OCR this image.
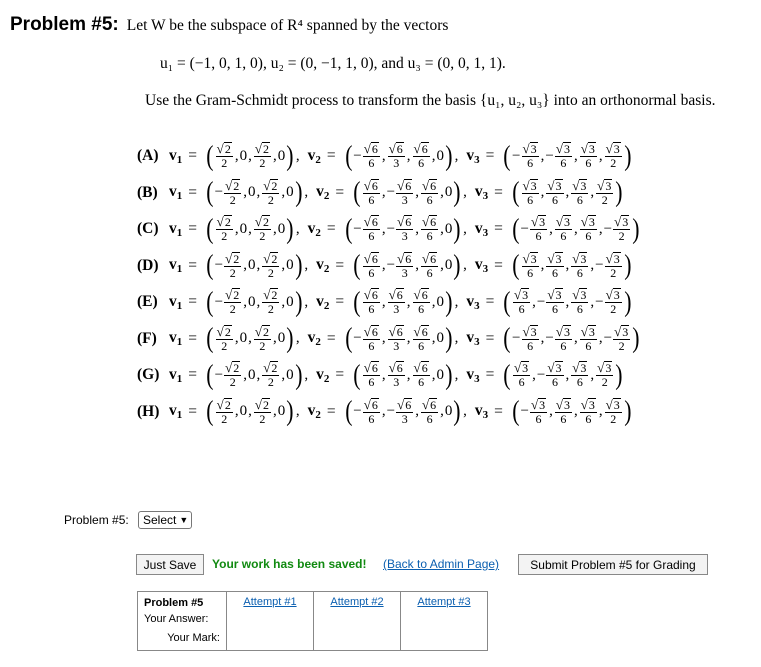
Problem #5: Let W be the subspace of R⁴ spanned by the vectors
u₁ = (−1, 0, 1, 0), u₂ = (0, −1, 1, 0), and u₃ = (0, 0, 1, 1).
Use the Gram-Schmidt process to transform the basis {u₁, u₂, u₃} into an orthonormal basis.
(A) $v_1$ = ( $\frac{√ 2}{2}$ , 0 , $\frac{√ 2}{2}$ , 0 ) , $v_2$ = ( − $\frac{√ 6}{6}$ , $\frac{√ 6}{3}$ , $\frac{√ 6}{6}$ , 0 ) , $v_3$ = ( − $\frac{√ 3}{6}$ , − $\frac{√ 3}{6}$ , $\frac{√ 3}{6}$ , $\frac{√ 3}{2}$ )
(B) $v_1$ = ( − $\frac{√ 2}{2}$ , 0 , $\frac{√ 2}{2}$ , 0 ) , $v_2$ = ( $\frac{√ 6}{6}$ , − $\frac{√ 6}{3}$ , $\frac{√ 6}{6}$ , 0 ) , $v_3$ = ( $\frac{√ 3}{6}$ , $\frac{√ 3}{6}$ , $\frac{√ 3}{6}$ , $\frac{√ 3}{2}$ )
(C) $v_1$ = ( $\frac{√ 2}{2}$ , 0 , $\frac{√ 2}{2}$ , 0 ) , $v_2$ = ( − $\frac{√ 6}{6}$ , − $\frac{√ 6}{3}$ , $\frac{√ 6}{6}$ , 0 ) , $v_3$ = ( − $\frac{√ 3}{6}$ , $\frac{√ 3}{6}$ , $\frac{√ 3}{6}$ , − $\frac{√ 3}{2}$ )
(D) $v_1$ = ( − $\frac{√ 2}{2}$ , 0 , $\frac{√ 2}{2}$ , 0 ) , $v_2$ = ( $\frac{√ 6}{6}$ , − $\frac{√ 6}{3}$ , $\frac{√ 6}{6}$ , 0 ) , $v_3$ = ( $\frac{√ 3}{6}$ , $\frac{√ 3}{6}$ , $\frac{√ 3}{6}$ , − $\frac{√ 3}{2}$ )
(E) $v_1$ = ( − $\frac{√ 2}{2}$ , 0 , $\frac{√ 2}{2}$ , 0 ) , $v_2$ = ( $\frac{√ 6}{6}$ , $\frac{√ 6}{3}$ , $\frac{√ 6}{6}$ , 0 ) , $v_3$ = ( $\frac{√ 3}{6}$ , − $\frac{√ 3}{6}$ , $\frac{√ 3}{6}$ , − $\frac{√ 3}{2}$ )
(F) $v_1$ = ( $\frac{√ 2}{2}$ , 0 , $\frac{√ 2}{2}$ , 0 ) , $v_2$ = ( − $\frac{√ 6}{6}$ , $\frac{√ 6}{3}$ , $\frac{√ 6}{6}$ , 0 ) , $v_3$ = ( − $\frac{√ 3}{6}$ , − $\frac{√ 3}{6}$ , $\frac{√ 3}{6}$ , − $\frac{√ 3}{2}$ )
(G) $v_1$ = ( − $\frac{√ 2}{2}$ , 0 , $\frac{√ 2}{2}$ , 0 ) , $v_2$ = ( $\frac{√ 6}{6}$ , $\frac{√ 6}{3}$ , $\frac{√ 6}{6}$ , 0 ) , $v_3$ = ( $\frac{√ 3}{6}$ , − $\frac{√ 3}{6}$ , $\frac{√ 3}{6}$ , $\frac{√ 3}{2}$ )
(H) $v_1$ = ( $\frac{√ 2}{2}$ , 0 , $\frac{√ 2}{2}$ , 0 ) , $v_2$ = ( − $\frac{√ 6}{6}$ , − $\frac{√ 6}{3}$ , $\frac{√ 6}{6}$ , 0 ) , $v_3$ = ( − $\frac{√ 3}{6}$ , $\frac{√ 3}{6}$ , $\frac{√ 3}{6}$ , $\frac{√ 3}{2}$ )
Problem #5: Select ▼
Just Save	Your work has been saved! (Back to Admin Page)	Submit Problem #5 for Grading
Problem #5
Your Answer:
Your Mark:
	Attempt #1	Attempt #2	Attempt #3
